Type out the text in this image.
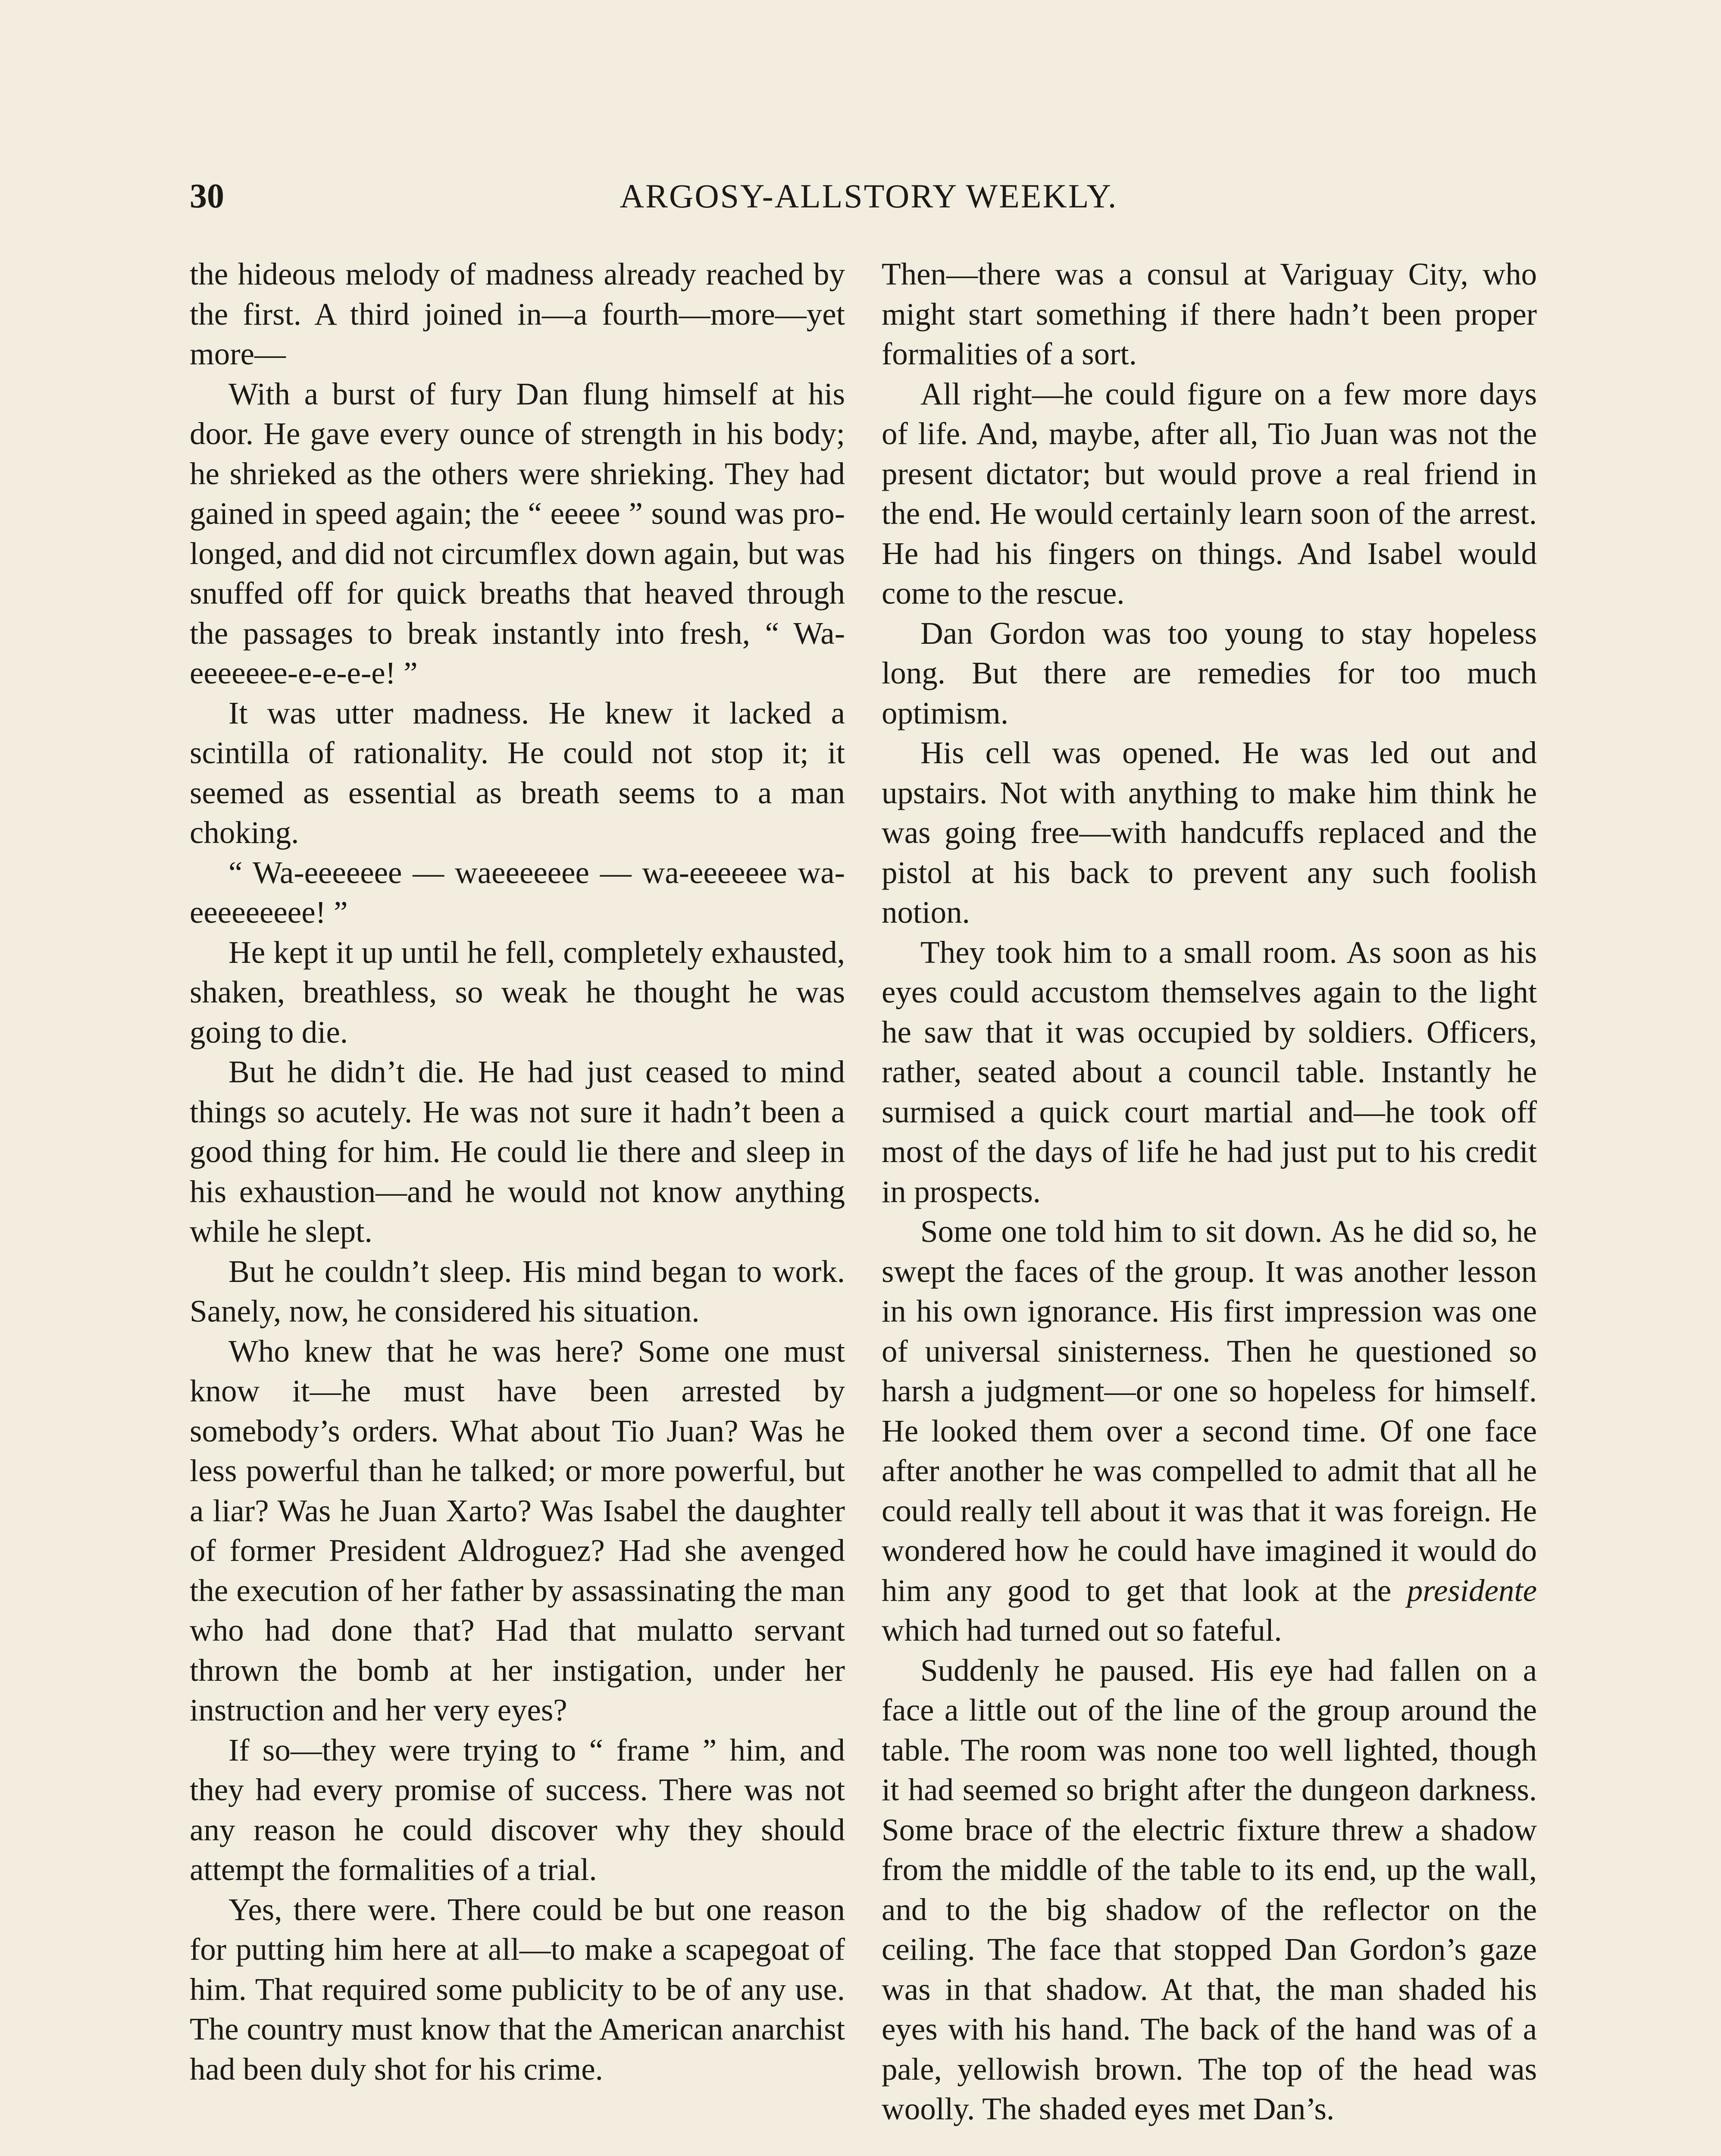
30	ARGOSY-ALLSTORY WEEKLY.

the hideous melody of madness already reached by the first. A third joined in—a fourth—more—yet more—

With a burst of fury Dan flung himself at his door. He gave every ounce of strength in his body; he shrieked as the others were shrieking. They had gained in speed again; the “ eeeee ” sound was prolonged, and did not circumflex down again, but was snuffed off for quick breaths that heaved through the passages to break instantly into fresh, “ Wa-eeeeeee-e-e-e-e! ”

It was utter madness. He knew it lacked a scintilla of rationality. He could not stop it; it seemed as essential as breath seems to a man choking.

“ Wa-eeeeeee — waeeeeeee — wa-eeeeeee wa-eeeeeeeee! ”

He kept it up until he fell, completely exhausted, shaken, breathless, so weak he thought he was going to die.

But he didn’t die. He had just ceased to mind things so acutely. He was not sure it hadn’t been a good thing for him. He could lie there and sleep in his exhaustion—and he would not know anything while he slept.

But he couldn’t sleep. His mind began to work. Sanely, now, he considered his situation.

Who knew that he was here? Some one must know it—he must have been arrested by somebody’s orders. What about Tio Juan? Was he less powerful than he talked; or more powerful, but a liar? Was he Juan Xarto? Was Isabel the daughter of former President Aldroguez? Had she avenged the execution of her father by assassinating the man who had done that? Had that mulatto servant thrown the bomb at her instigation, under her instruction and her very eyes?

If so—they were trying to “ frame ” him, and they had every promise of success. There was not any reason he could discover why they should attempt the formalities of a trial.

Yes, there were. There could be but one reason for putting him here at all—to make a scapegoat of him. That required some publicity to be of any use. The country must know that the American anarchist had been duly shot for his crime.

Then—there was a consul at Variguay City, who might start something if there hadn’t been proper formalities of a sort.

All right—he could figure on a few more days of life. And, maybe, after all, Tio Juan was not the present dictator; but would prove a real friend in the end. He would certainly learn soon of the arrest. He had his fingers on things. And Isabel would come to the rescue.

Dan Gordon was too young to stay hopeless long. But there are remedies for too much optimism.

His cell was opened. He was led out and upstairs. Not with anything to make him think he was going free—with handcuffs replaced and the pistol at his back to prevent any such foolish notion.

They took him to a small room. As soon as his eyes could accustom themselves again to the light he saw that it was occupied by soldiers. Officers, rather, seated about a council table. Instantly he surmised a quick court martial and—he took off most of the days of life he had just put to his credit in prospects.

Some one told him to sit down. As he did so, he swept the faces of the group. It was another lesson in his own ignorance. His first impression was one of universal sinisterness. Then he questioned so harsh a judgment—or one so hopeless for himself. He looked them over a second time. Of one face after another he was compelled to admit that all he could really tell about it was that it was foreign. He wondered how he could have imagined it would do him any good to get that look at the presidente which had turned out so fateful.

Suddenly he paused. His eye had fallen on a face a little out of the line of the group around the table. The room was none too well lighted, though it had seemed so bright after the dungeon darkness. Some brace of the electric fixture threw a shadow from the middle of the table to its end, up the wall, and to the big shadow of the reflector on the ceiling. The face that stopped Dan Gordon’s gaze was in that shadow. At that, the man shaded his eyes with his hand. The back of the hand was of a pale, yellowish brown. The top of the head was woolly. The shaded eyes met Dan’s.
